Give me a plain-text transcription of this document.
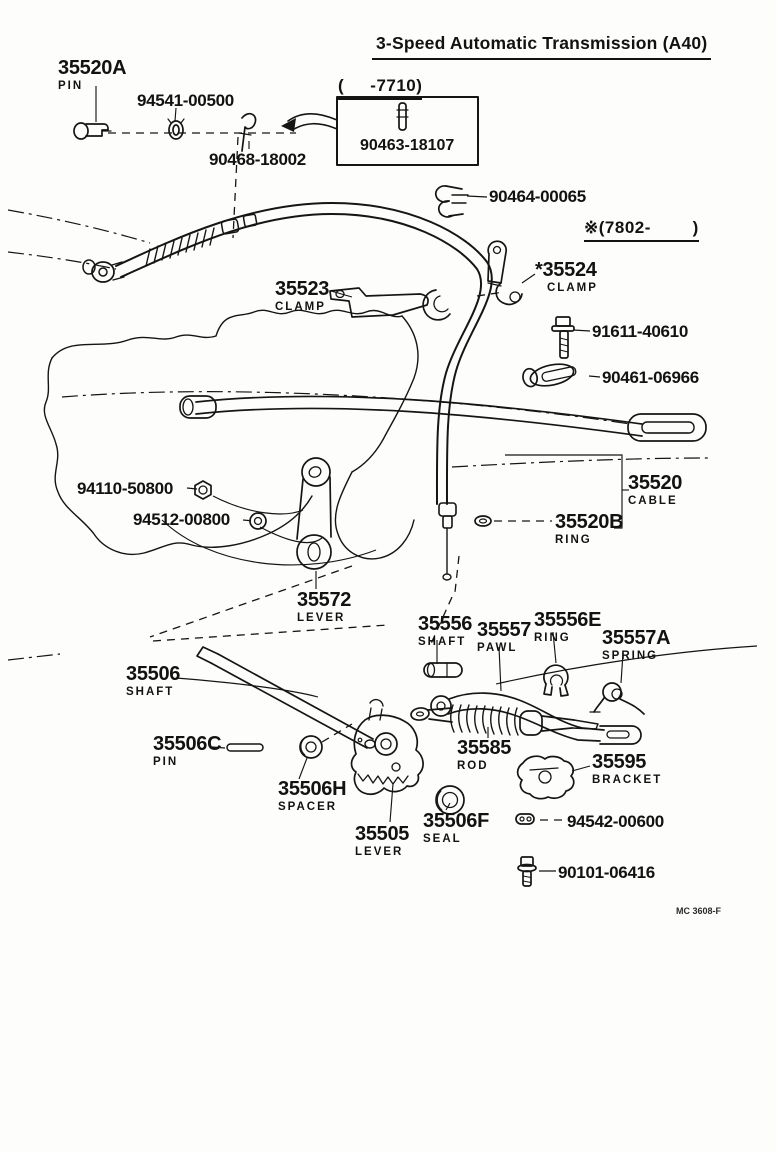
3-Speed Automatic Transmission (A40)
(     -7710)
※(7802-        )
90463-18107
35520A
PIN
94541-00500
90468-18002
90464-00065
35523
CLAMP
*35524
CLAMP
91611-40610
90461-06966
35520
CABLE
35520B
RING
94110-50800
94512-00800
35572
LEVER	35556
SHAFT
35557
PAWL
35556E
RING	35557A
SPRING
35506
SHAFT
35506C
PIN
35585
ROD	35595
BRACKET
35506H
SPACER
35505
LEVER
35506F
SEAL
94542-00600
90101-06416
MC 3608-F
